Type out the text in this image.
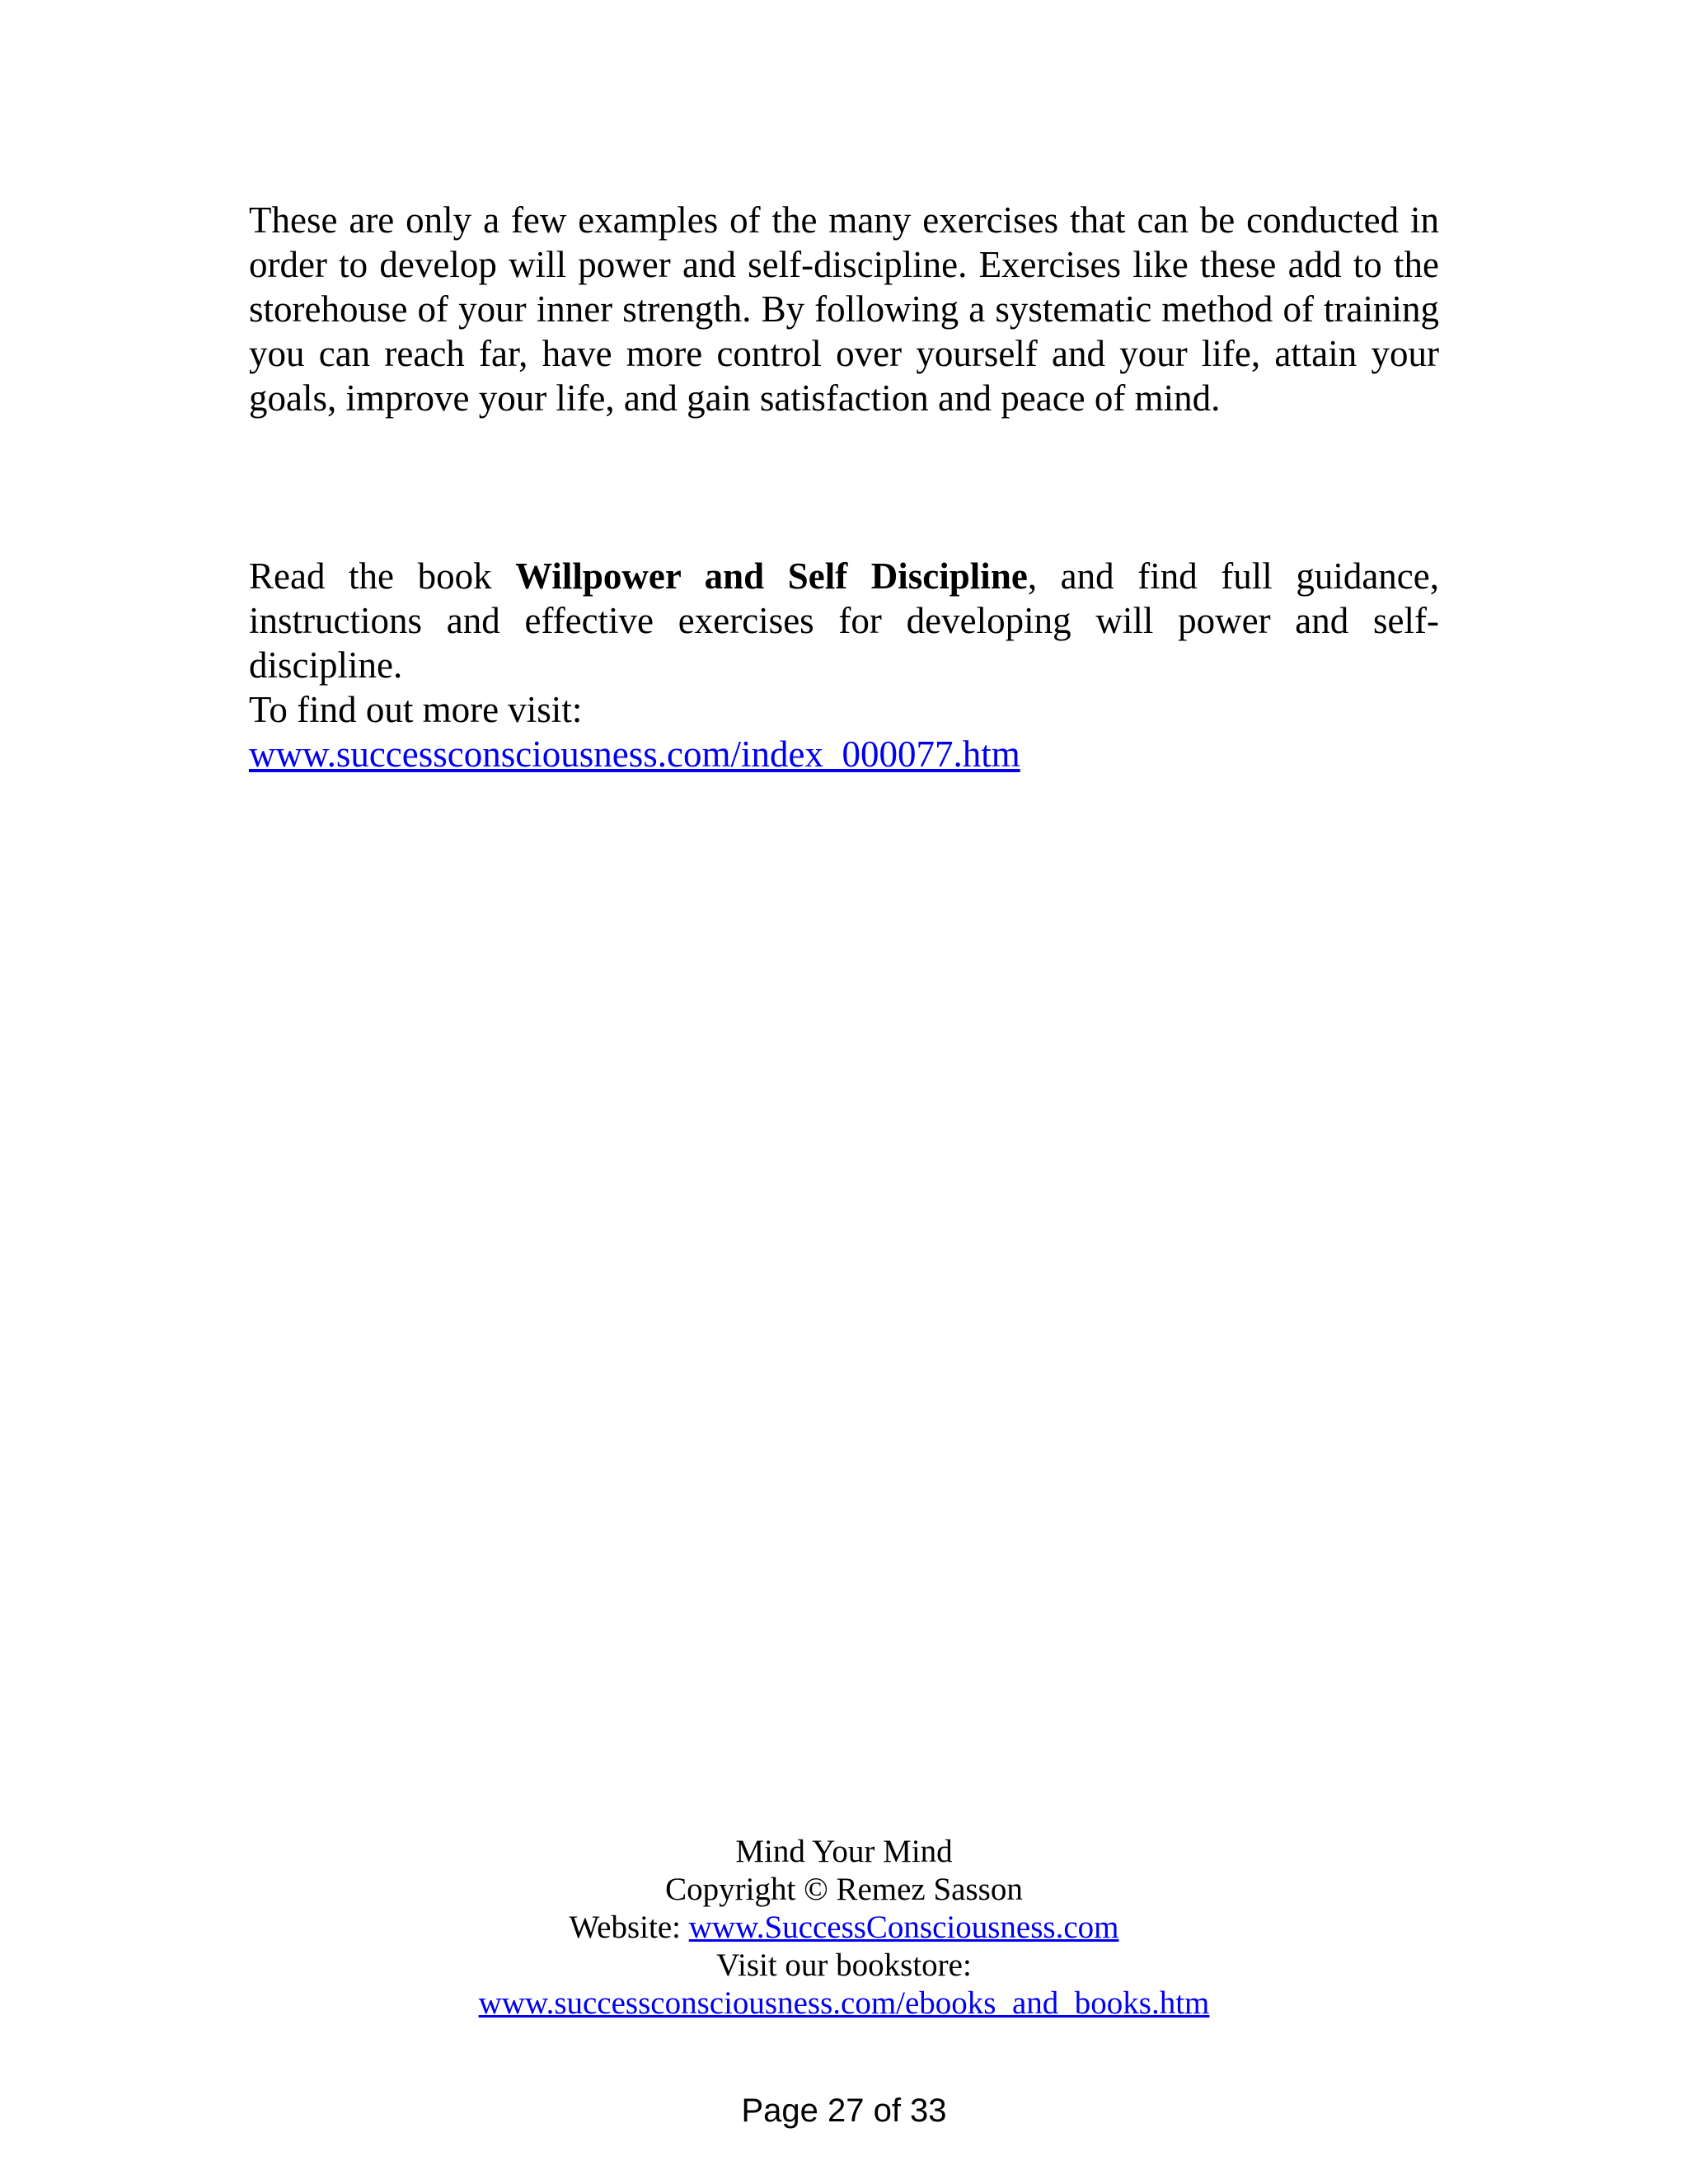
These are only a few examples of the many exercises that can be conducted in order to develop will power and self-discipline. Exercises like these add to the storehouse of your inner strength. By following a systematic method of training you can reach far, have more control over yourself and your life, attain your goals, improve your life, and gain satisfaction and peace of mind.

Read the book Willpower and Self Discipline, and find full guidance, instructions and effective exercises for developing will power and self-discipline.

To find out more visit:

www.successconsciousness.com/index_000077.htm

Mind Your Mind

Copyright © Remez Sasson

Website: www.SuccessConsciousness.com

Visit our bookstore:

www.successconsciousness.com/ebooks_and_books.htm

Page 27 of 33
